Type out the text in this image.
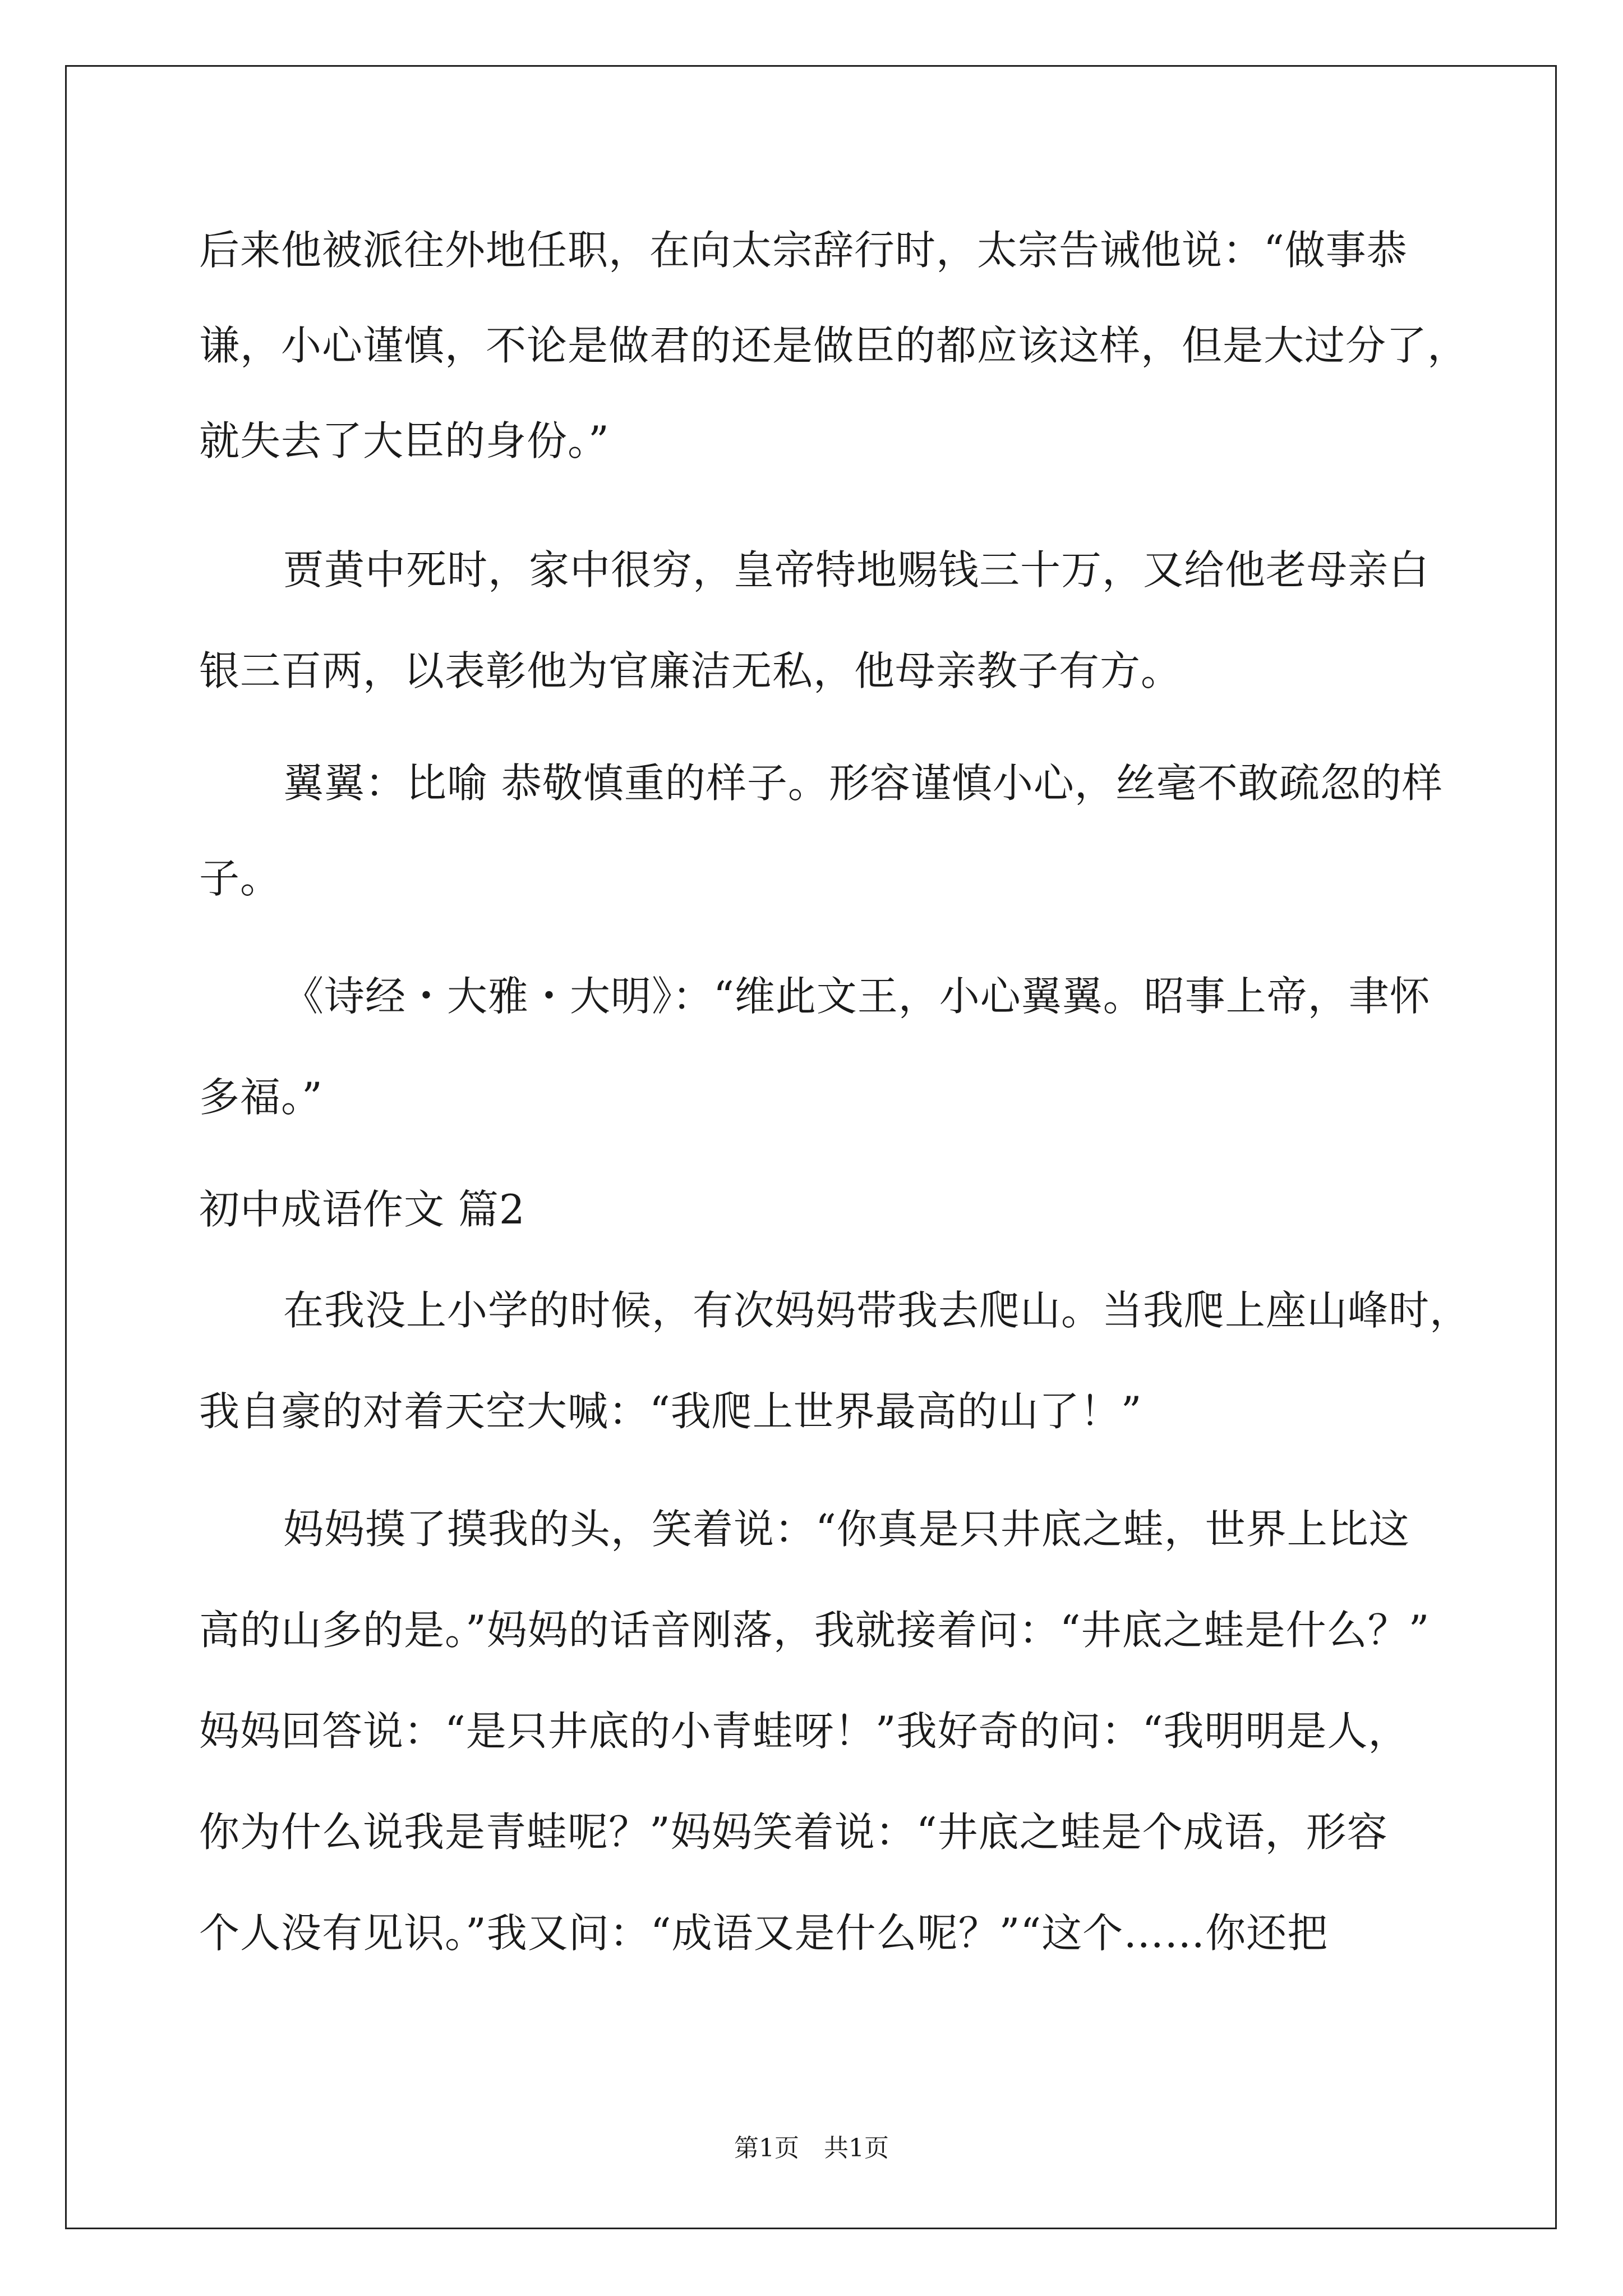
后来他被派往外地任职，在向太宗辞行时，太宗告诫他说：“做事恭

谦，小心谨慎，不论是做君的还是做臣的都应该这样，但是大过分了，

就失去了大臣的身份。”

贾黄中死时，家中很穷，皇帝特地赐钱三十万，又给他老母亲白

银三百两，以表彰他为官廉洁无私，他母亲教子有方。

翼翼：比喻 恭敬慎重的样子。形容谨慎小心，丝毫不敢疏忽的样

子。

《诗经・大雅・大明》：“维此文王，小心翼翼。昭事上帝，聿怀

多福。”

初中成语作文 篇2

在我没上小学的时候，有次妈妈带我去爬山。当我爬上座山峰时，

我自豪的对着天空大喊：“我爬上世界最高的山了！”

妈妈摸了摸我的头，笑着说：“你真是只井底之蛙，世界上比这

高的山多的是。”妈妈的话音刚落，我就接着问：“井底之蛙是什么？”

妈妈回答说：“是只井底的小青蛙呀！”我好奇的问：“我明明是人，

你为什么说我是青蛙呢？”妈妈笑着说：“井底之蛙是个成语，形容

个人没有见识。”我又问：“成语又是什么呢？”“这个……你还把

第1页　共1页
